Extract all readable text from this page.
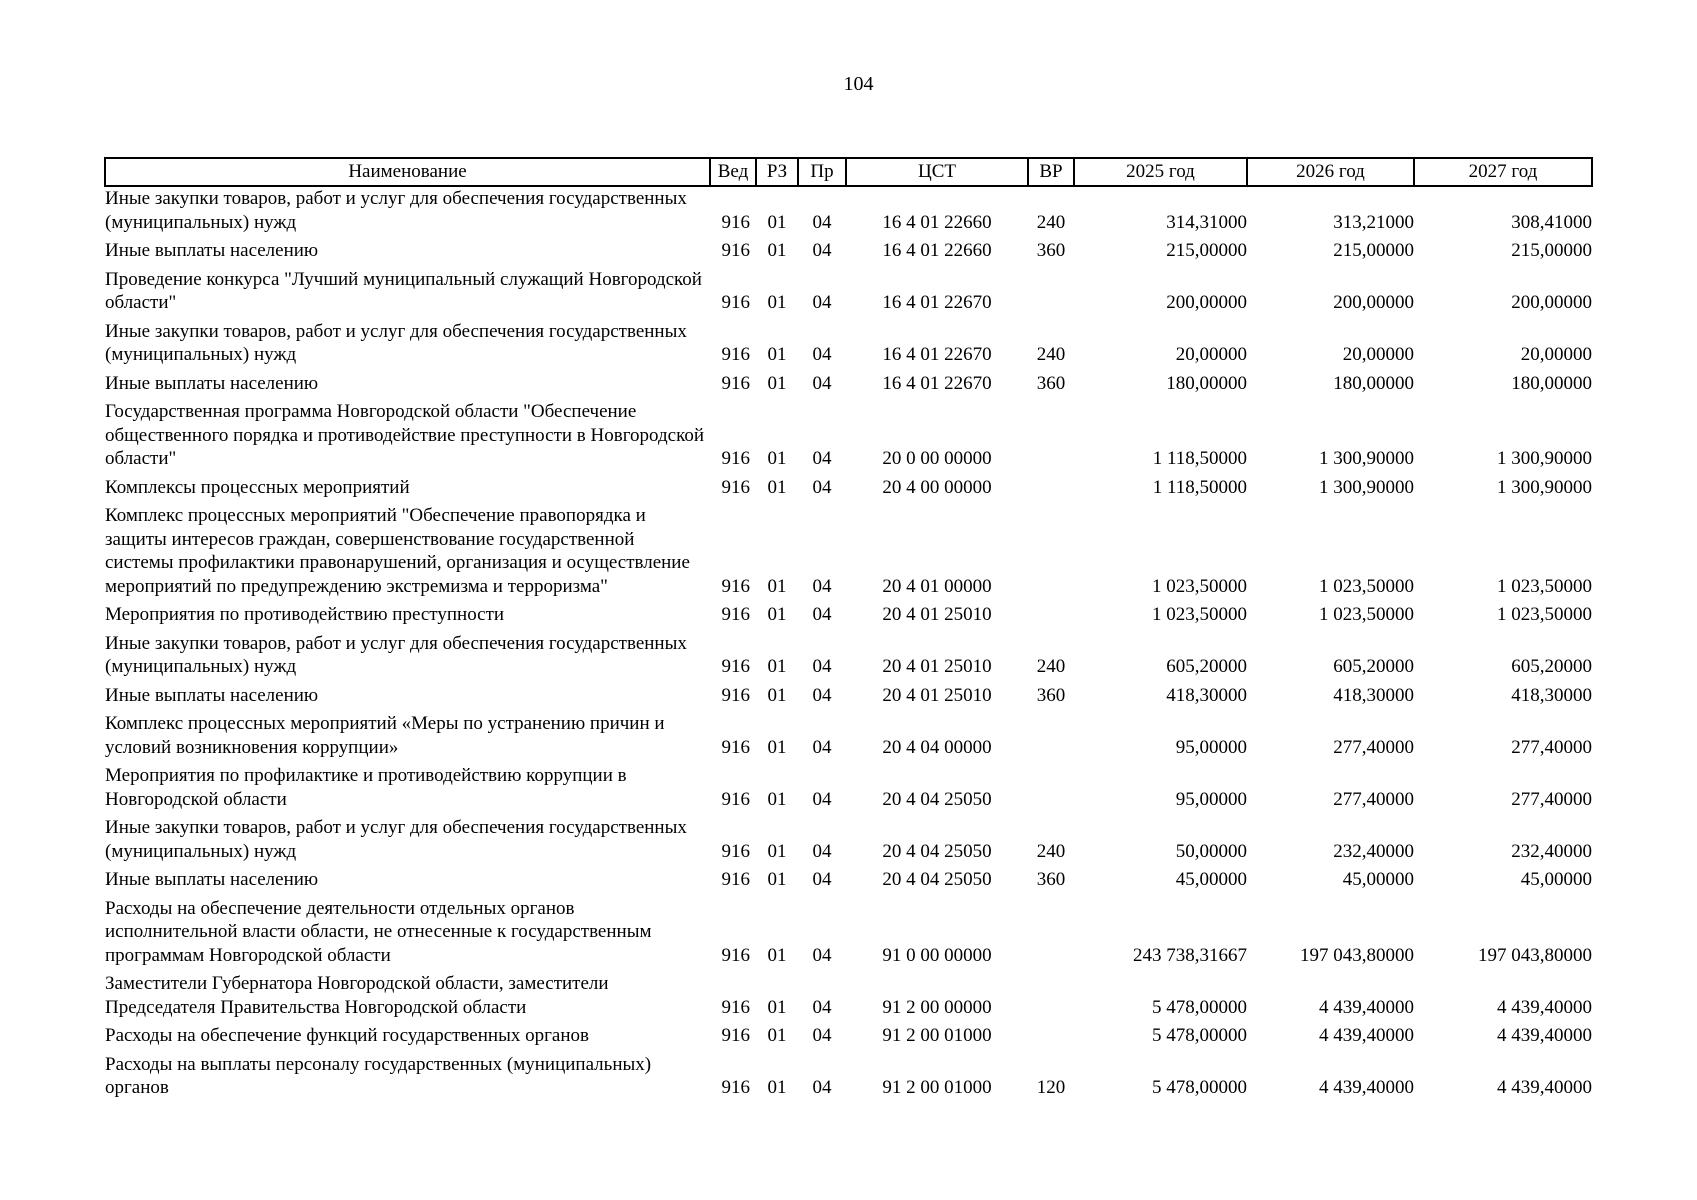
104
Наименование	Вед	РЗ	Пр	ЦСТ	ВР	2025 год	2026 год	2027 год
Иные закупки товаров, работ и услуг для обеспечения государственных (муниципальных) нужд	916	01	04	16 4 01 22660	240	314,31000	313,21000	308,41000
Иные выплаты населению	916	01	04	16 4 01 22660	360	215,00000	215,00000	215,00000
Проведение конкурса "Лучший муниципальный служащий Новгородской области"	916	01	04	16 4 01 22670		200,00000	200,00000	200,00000
Иные закупки товаров, работ и услуг для обеспечения государственных (муниципальных) нужд	916	01	04	16 4 01 22670	240	20,00000	20,00000	20,00000
Иные выплаты населению	916	01	04	16 4 01 22670	360	180,00000	180,00000	180,00000
Государственная программа Новгородской области "Обеспечение общественного порядка и противодействие преступности в Новгородской области"	916	01	04	20 0 00 00000		1 118,50000	1 300,90000	1 300,90000
Комплексы процессных мероприятий	916	01	04	20 4 00 00000		1 118,50000	1 300,90000	1 300,90000
Комплекс процессных мероприятий "Обеспечение правопорядка и защиты интересов граждан, совершенствование государственной системы профилактики правонарушений, организация и осуществление мероприятий по предупреждению экстремизма и терроризма"	916	01	04	20 4 01 00000		1 023,50000	1 023,50000	1 023,50000
Мероприятия по противодействию преступности	916	01	04	20 4 01 25010		1 023,50000	1 023,50000	1 023,50000
Иные закупки товаров, работ и услуг для обеспечения государственных (муниципальных) нужд	916	01	04	20 4 01 25010	240	605,20000	605,20000	605,20000
Иные выплаты населению	916	01	04	20 4 01 25010	360	418,30000	418,30000	418,30000
Комплекс процессных мероприятий «Меры по устранению причин и условий возникновения коррупции»	916	01	04	20 4 04 00000		95,00000	277,40000	277,40000
Мероприятия по профилактике и противодействию коррупции в Новгородской области	916	01	04	20 4 04 25050		95,00000	277,40000	277,40000
Иные закупки товаров, работ и услуг для обеспечения государственных (муниципальных) нужд	916	01	04	20 4 04 25050	240	50,00000	232,40000	232,40000
Иные выплаты населению	916	01	04	20 4 04 25050	360	45,00000	45,00000	45,00000
Расходы на обеспечение деятельности отдельных органов исполнительной власти области, не отнесенные к государственным программам Новгородской области	916	01	04	91 0 00 00000		243 738,31667	197 043,80000	197 043,80000
Заместители Губернатора Новгородской области, заместители Председателя Правительства Новгородской области	916	01	04	91 2 00 00000		5 478,00000	4 439,40000	4 439,40000
Расходы на обеспечение функций государственных органов	916	01	04	91 2 00 01000		5 478,00000	4 439,40000	4 439,40000
Расходы на выплаты персоналу государственных (муниципальных) органов	916	01	04	91 2 00 01000	120	5 478,00000	4 439,40000	4 439,40000
